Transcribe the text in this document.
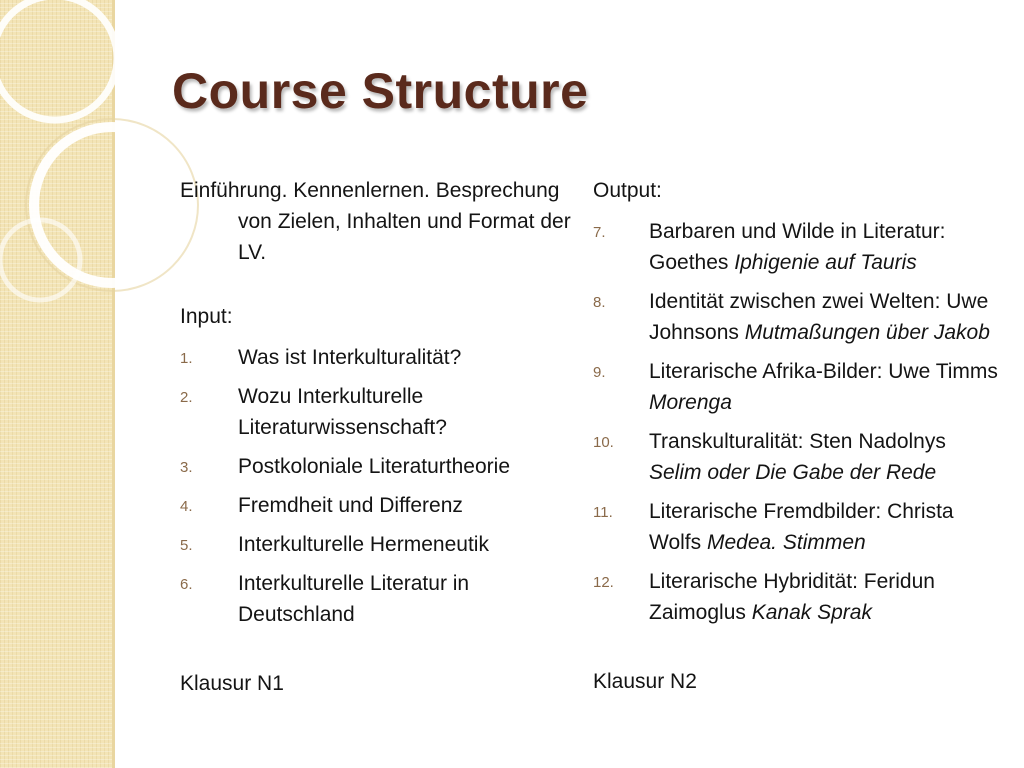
Course Structure
Einführung. Kennenlernen. Besprechung von Zielen, Inhalten und Format der LV.
Input:
1. Was ist Interkulturalität?
2. Wozu Interkulturelle Literaturwissenschaft?
3. Postkoloniale Literaturtheorie
4. Fremdheit und Differenz
5. Interkulturelle Hermeneutik
6. Interkulturelle Literatur in Deutschland
Klausur N1
Output:
7. Barbaren und Wilde in Literatur: Goethes Iphigenie auf Tauris
8. Identität zwischen zwei Welten: Uwe Johnsons Mutmaßungen über Jakob
9. Literarische Afrika-Bilder: Uwe Timms Morenga
10. Transkulturalität: Sten Nadolnys Selim oder Die Gabe der Rede
11. Literarische Fremdbilder: Christa Wolfs Medea. Stimmen
12. Literarische Hybridität: Feridun Zaimoglus Kanak Sprak
Klausur N2
